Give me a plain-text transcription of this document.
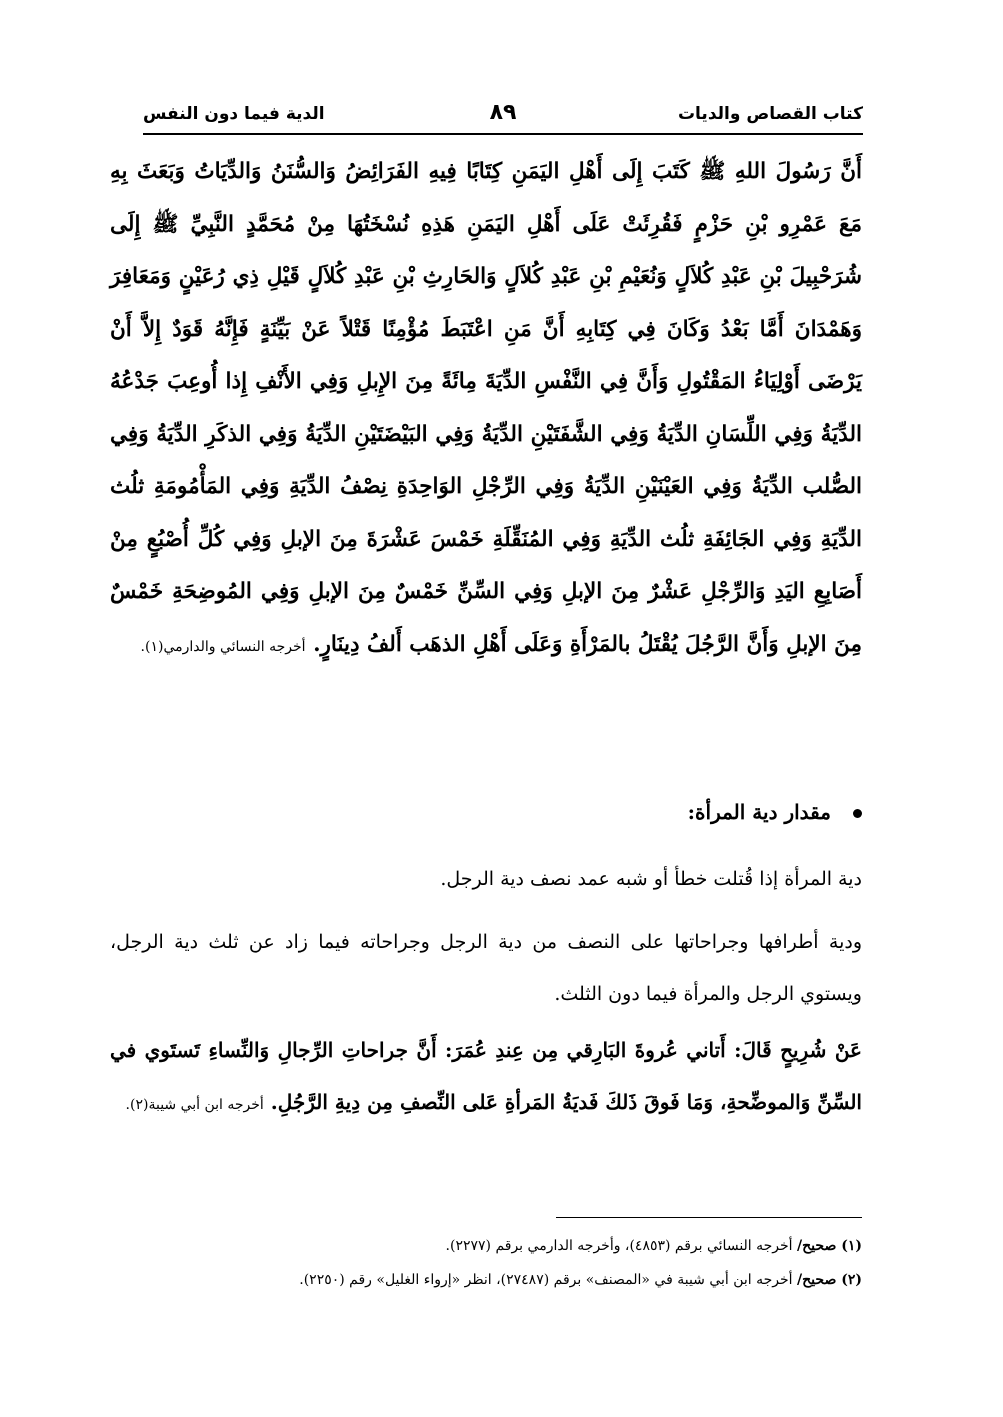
كتاب القصاص والديات
٨٩
الدية فيما دون النفس
أَنَّ رَسُولَ اللهِ ﷺ كَتَبَ إِلَى أَهْلِ اليَمَنِ كِتَابًا فِيهِ الفَرَائِضُ وَالسُّنَنُ وَالدِّيَاتُ وَبَعَثَ بِهِ مَعَ عَمْرِو بْنِ حَزْمٍ فَقُرِئَتْ عَلَى أَهْلِ اليَمَنِ هَذِهِ نُسْخَتُهَا مِنْ مُحَمَّدٍ النَّبِيِّ ﷺ إِلَى شُرَحْبِيلَ بْنِ عَبْدِ كُلاَلٍ وَنُعَيْمِ بْنِ عَبْدِ كُلاَلٍ وَالحَارِثِ بْنِ عَبْدِ كُلاَلٍ قَيْلِ ذِي رُعَيْنٍ وَمَعَافِرَ وَهَمْدَانَ أَمَّا بَعْدُ وَكَانَ فِي كِتَابِهِ أَنَّ مَنِ اعْتَبَطَ مُؤْمِنًا قَتْلاً عَنْ بَيِّنَةٍ فَإِنَّهُ قَوَدٌ إِلاَّ أَنْ يَرْضَى أَوْلِيَاءُ المَقْتُولِ وَأَنَّ فِي النَّفْسِ الدِّيَةَ مِائَةً مِنَ الإِبلِ وَفِي الأَنْفِ إِذا أُوعِبَ جَدْعُهُ الدِّيَةُ وَفِي اللِّسَانِ الدِّيَةُ وَفِي الشَّفَتَيْنِ الدِّيَةُ وَفِي البَيْضَتَيْنِ الدِّيَةُ وَفِي الذكَرِ الدِّيَةُ وَفِي الصُّلب الدِّيَةُ وَفِي العَيْنَيْنِ الدِّيَةُ وَفِي الرِّجْلِ الوَاحِدَةِ نِصْفُ الدِّيَةِ وَفِي المَأْمُومَةِ ثلُث الدِّيَةِ وَفِي الجَائِفَةِ ثلُث الدِّيَةِ وَفِي المُنَقِّلَةِ خَمْسَ عَشْرَةَ مِنَ الإبلِ وَفِي كُلِّ أُصْبُعٍ مِنْ أَصَابِعِ اليَدِ وَالرِّجْلِ عَشْرٌ مِنَ الإبلِ وَفِي السِّنِّ خَمْسٌ مِنَ الإبلِ وَفِي المُوضِحَةِ خَمْسٌ مِنَ الإبلِ وَأَنَّ الرَّجُلَ يُقْتَلُ بالمَرْأَةِ وَعَلَى أَهْلِ الذهَب أَلفُ دِينَارٍ. أخرجه النسائي والدارمي(١).
مقدار دية المرأة:
دية المرأة إذا قُتلت خطأ أو شبه عمد نصف دية الرجل.
ودية أطرافها وجراحاتها على النصف من دية الرجل وجراحاته فيما زاد عن ثلث دية الرجل، ويستوي الرجل والمرأة فيما دون الثلث.
عَنْ شُرِيحٍ قَالَ: أَتاني عُروةَ البَارِقي مِن عِندِ عُمَرَ: أَنَّ جراحاتِ الرِّجالِ وَالنِّساءِ تَستَوي في السِّنِّ وَالموضِّحةِ، وَمَا فَوقَ ذَلكَ فَديَةُ المَرأةِ عَلى النِّصفِ مِن دِيةِ الرَّجُلِ. أخرجه ابن أبي شيبة(٢).
(١) صحيح/ أخرجه النسائي برقم (٤٨٥٣)، وأخرجه الدارمي برقم (٢٢٧٧).
(٢) صحيح/ أخرجه ابن أبي شيبة في «المصنف» برقم (٢٧٤٨٧)، انظر «إرواء الغليل» رقم (٢٢٥٠).
